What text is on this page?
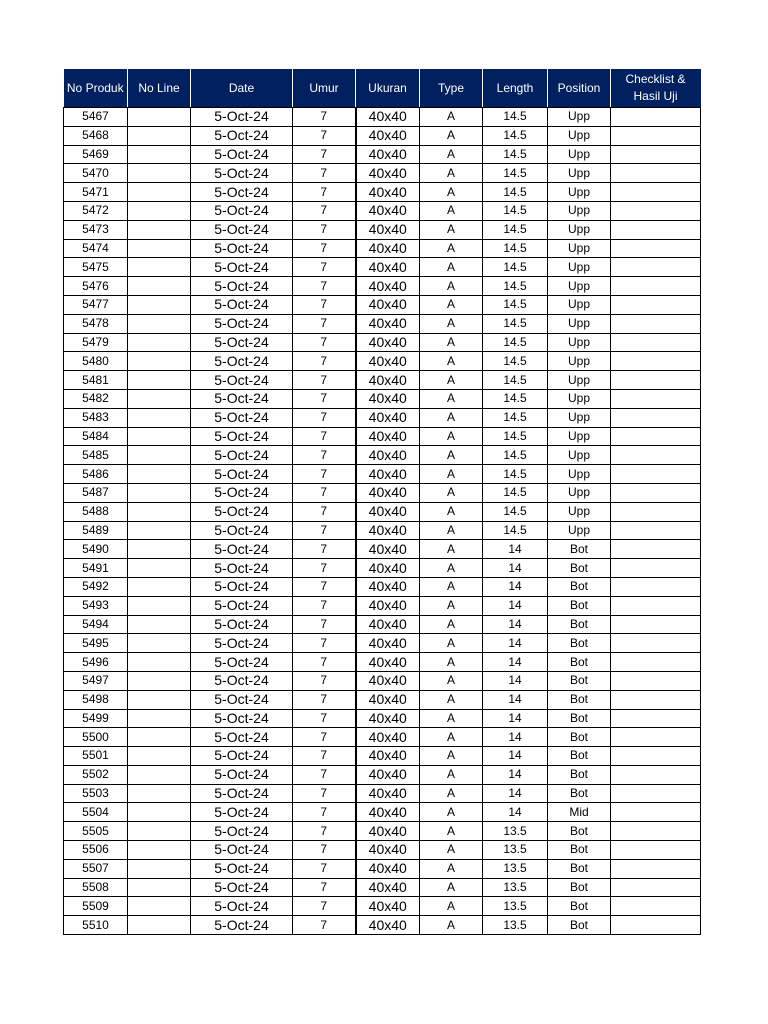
No Produk	No Line	Date	Umur	Ukuran	Type	Length	Position	Checklist & Hasil Uji
5467		5-Oct-24	7	40x40	A	14.5	Upp	
5468		5-Oct-24	7	40x40	A	14.5	Upp	
5469		5-Oct-24	7	40x40	A	14.5	Upp	
5470		5-Oct-24	7	40x40	A	14.5	Upp	
5471		5-Oct-24	7	40x40	A	14.5	Upp	
5472		5-Oct-24	7	40x40	A	14.5	Upp	
5473		5-Oct-24	7	40x40	A	14.5	Upp	
5474		5-Oct-24	7	40x40	A	14.5	Upp	
5475		5-Oct-24	7	40x40	A	14.5	Upp	
5476		5-Oct-24	7	40x40	A	14.5	Upp	
5477		5-Oct-24	7	40x40	A	14.5	Upp	
5478		5-Oct-24	7	40x40	A	14.5	Upp	
5479		5-Oct-24	7	40x40	A	14.5	Upp	
5480		5-Oct-24	7	40x40	A	14.5	Upp	
5481		5-Oct-24	7	40x40	A	14.5	Upp	
5482		5-Oct-24	7	40x40	A	14.5	Upp	
5483		5-Oct-24	7	40x40	A	14.5	Upp	
5484		5-Oct-24	7	40x40	A	14.5	Upp	
5485		5-Oct-24	7	40x40	A	14.5	Upp	
5486		5-Oct-24	7	40x40	A	14.5	Upp	
5487		5-Oct-24	7	40x40	A	14.5	Upp	
5488		5-Oct-24	7	40x40	A	14.5	Upp	
5489		5-Oct-24	7	40x40	A	14.5	Upp	
5490		5-Oct-24	7	40x40	A	14	Bot	
5491		5-Oct-24	7	40x40	A	14	Bot	
5492		5-Oct-24	7	40x40	A	14	Bot	
5493		5-Oct-24	7	40x40	A	14	Bot	
5494		5-Oct-24	7	40x40	A	14	Bot	
5495		5-Oct-24	7	40x40	A	14	Bot	
5496		5-Oct-24	7	40x40	A	14	Bot	
5497		5-Oct-24	7	40x40	A	14	Bot	
5498		5-Oct-24	7	40x40	A	14	Bot	
5499		5-Oct-24	7	40x40	A	14	Bot	
5500		5-Oct-24	7	40x40	A	14	Bot	
5501		5-Oct-24	7	40x40	A	14	Bot	
5502		5-Oct-24	7	40x40	A	14	Bot	
5503		5-Oct-24	7	40x40	A	14	Bot	
5504		5-Oct-24	7	40x40	A	14	Mid	
5505		5-Oct-24	7	40x40	A	13.5	Bot	
5506		5-Oct-24	7	40x40	A	13.5	Bot	
5507		5-Oct-24	7	40x40	A	13.5	Bot	
5508		5-Oct-24	7	40x40	A	13.5	Bot	
5509		5-Oct-24	7	40x40	A	13.5	Bot	
5510		5-Oct-24	7	40x40	A	13.5	Bot	
